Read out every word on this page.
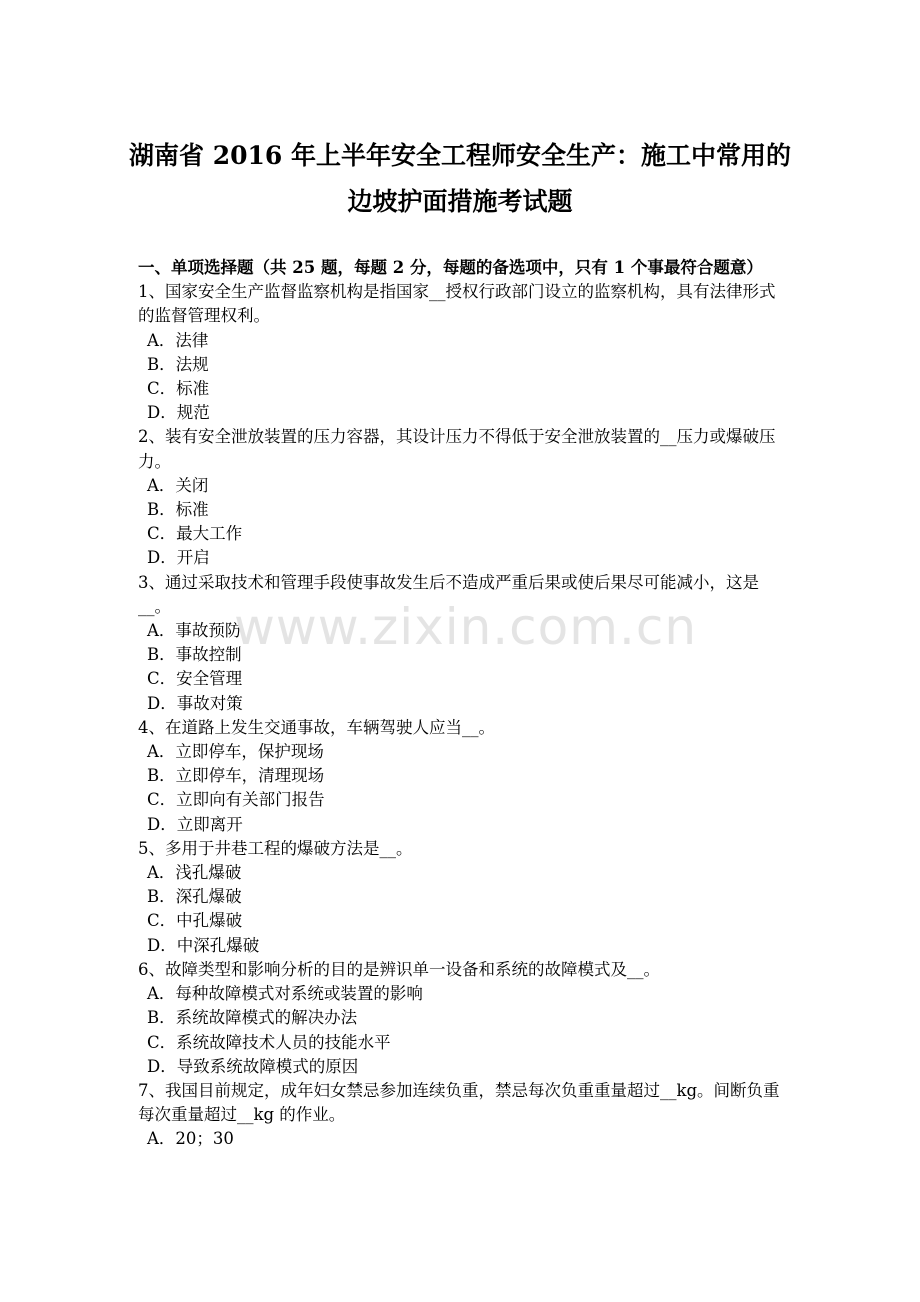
湖南省 2016 年上半年安全工程师安全生产：施工中常用的
边坡护面措施考试题

一、单项选择题（共 25 题，每题 2 分，每题的备选项中，只有 1 个事最符合题意）

1、国家安全生产监督监察机构是指国家__授权行政部门设立的监察机构，具有法律形式的监督管理权利。

A．法律
B．法规
C．标准
D．规范

2、装有安全泄放装置的压力容器，其设计压力不得低于安全泄放装置的__压力或爆破压力。

A．关闭
B．标准
C．最大工作
D．开启

3、通过采取技术和管理手段使事故发生后不造成严重后果或使后果尽可能减小，这是__。

A．事故预防
B．事故控制
C．安全管理
D．事故对策

4、在道路上发生交通事故，车辆驾驶人应当__。

A．立即停车，保护现场
B．立即停车，清理现场
C．立即向有关部门报告
D．立即离开

5、多用于井巷工程的爆破方法是__。

A．浅孔爆破
B．深孔爆破
C．中孔爆破
D．中深孔爆破

6、故障类型和影响分析的目的是辨识单一设备和系统的故障模式及__。

A．每种故障模式对系统或装置的影响
B．系统故障模式的解决办法
C．系统故障技术人员的技能水平
D．导致系统故障模式的原因

7、我国目前规定，成年妇女禁忌参加连续负重，禁忌每次负重重量超过__kg。间断负重每次重量超过__kg 的作业。

A．20；30
www.zixin.com.cn
